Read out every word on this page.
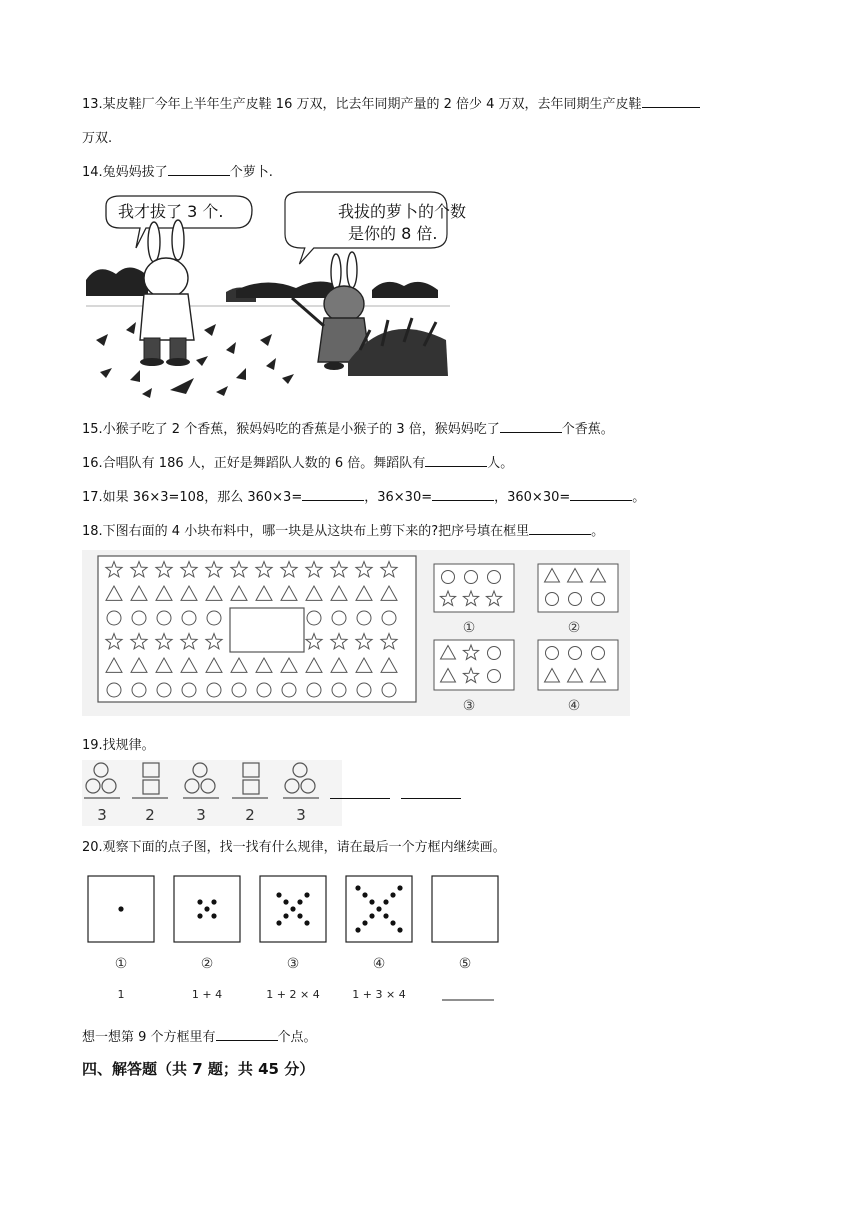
13.某皮鞋厂今年上半年生产皮鞋 16 万双，比去年同期产量的 2 倍少 4 万双，去年同期生产皮鞋
万双.
14.兔妈妈拔了	个萝卜.
我才拔了 3 个.	我拔的萝卜的个数
是你的 8 倍.
15.小猴子吃了 2 个香蕉，猴妈妈吃的香蕉是小猴子的 3 倍，猴妈妈吃了	个香蕉。
16.合唱队有 186 人，正好是舞蹈队人数的 6 倍。舞蹈队有	人。
17.如果 36×3=108，那么 360×3=	，36×30=	，360×30=	。
18.下图右面的 4 小块布料中，哪一块是从这块布上剪下来的?把序号填在框里	。
①	②
③	④
19.找规律。
3	2	3	2	3
20.观察下面的点子图，找一找有什么规律，请在最后一个方框内继续画。
①	②	③	④	⑤
1	1 + 4	1 + 2 × 4	1 + 3 × 4
想一想第 9 个方框里有	个点。
四、解答题（共 7 题；共 45 分）
